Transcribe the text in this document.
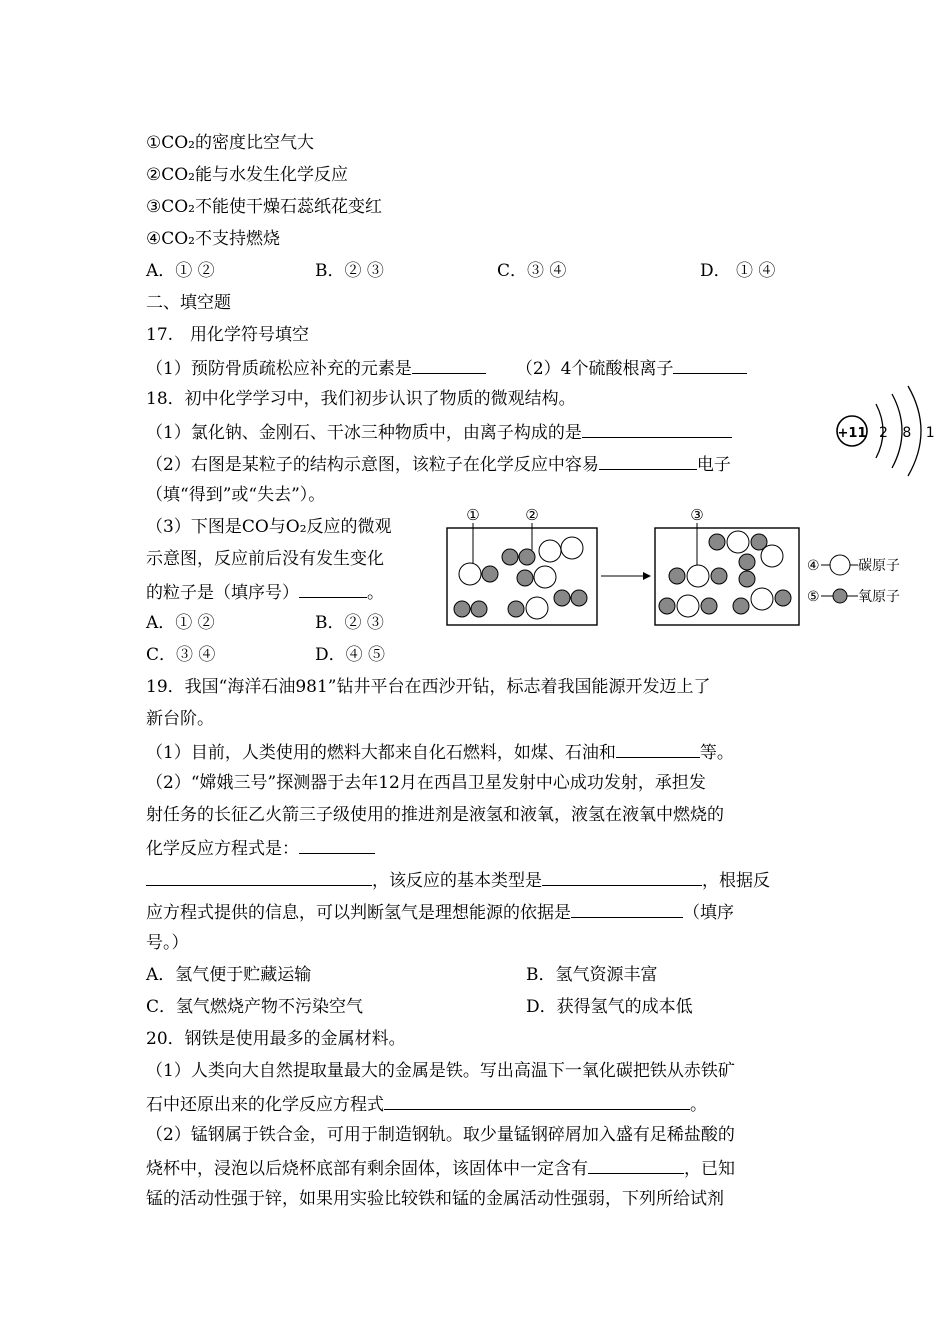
①CO₂的密度比空气大
②CO₂能与水发生化学反应
③CO₂不能使干燥石蕊纸花变红
④CO₂不支持燃烧
A．① ②	B．② ③	C．③ ④	D． ① ④
二、填空题
17.　用化学符号填空
（1）预防骨质疏松应补充的元素是	（2）4个硫酸根离子
18．初中化学学习中，我们初步认识了物质的微观结构。
（1）氯化钠、金刚石、干冰三种物质中，由离子构成的是
（2）右图是某粒子的结构示意图，该粒子在化学反应中容易	电子
（填“得到”或“失去”）。
（3）下图是CO与O₂反应的微观
示意图，反应前后没有发生变化
的粒子是（填序号）	。
A．① ②	B．② ③
C．③ ④	D．④ ⑤
+11 2 8 1
①	②	③
④	碳原子
⑤	氧原子
19．我国“海洋石油981”钻井平台在西沙开钻，标志着我国能源开发迈上了
新台阶。
（1）目前，人类使用的燃料大都来自化石燃料，如煤、石油和	等。
（2）“嫦娥三号”探测器于去年12月在西昌卫星发射中心成功发射，承担发
射任务的长征乙火箭三子级使用的推进剂是液氢和液氧，液氢在液氧中燃烧的
化学反应方程式是：
，该反应的基本类型是	，根据反
应方程式提供的信息，可以判断氢气是理想能源的依据是	（填序
号。）
A．氢气便于贮藏运输	B．氢气资源丰富
C．氢气燃烧产物不污染空气	D．获得氢气的成本低
20．钢铁是使用最多的金属材料。
（1）人类向大自然提取量最大的金属是铁。写出高温下一氧化碳把铁从赤铁矿
石中还原出来的化学反应方程式	。
（2）锰钢属于铁合金，可用于制造钢轨。取少量锰钢碎屑加入盛有足稀盐酸的
烧杯中，浸泡以后烧杯底部有剩余固体，该固体中一定含有	，已知
锰的活动性强于锌，如果用实验比较铁和锰的金属活动性强弱，下列所给试剂
